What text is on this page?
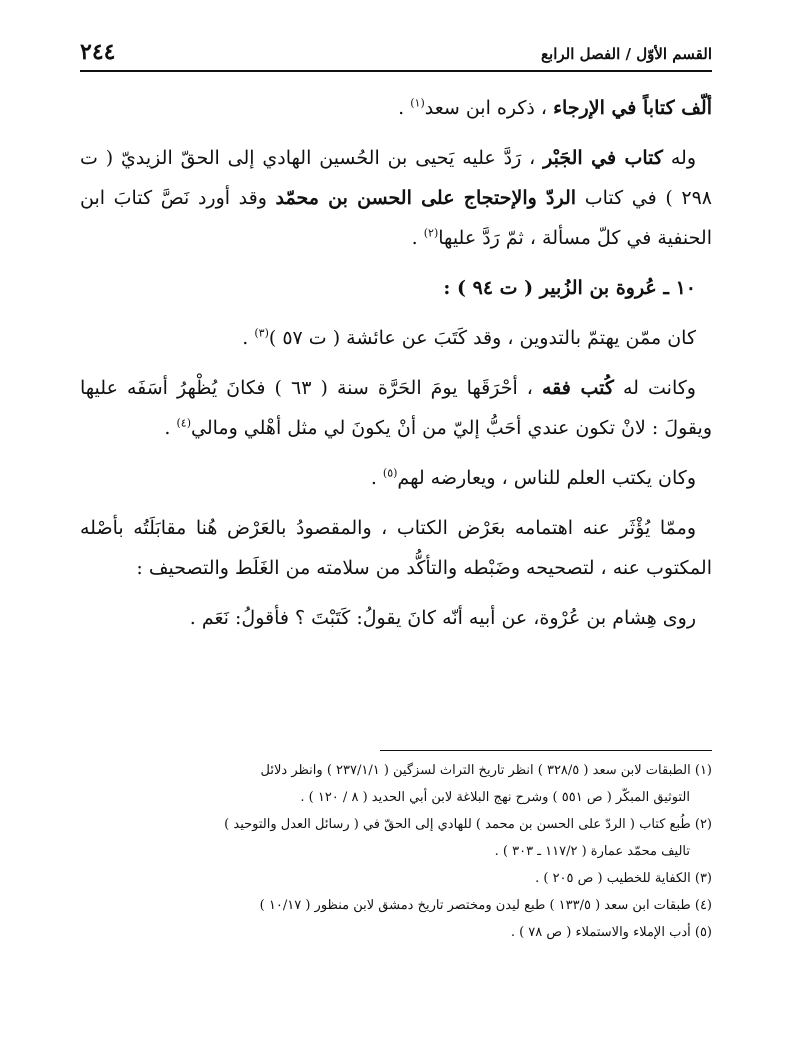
القسم الأوّل / الفصل الرابع
٢٤٤

ألّف كتاباً في الإرجاء ، ذكره ابن سعد$^{(١)}$ .

وله كتاب في الجَبْر ، رَدَّ عليه يَحيى بن الحُسين الهادي إلى الحقّ الزيديّ ( ت ٢٩٨ ) في كتاب الردّ والإحتجاج على الحسن بن محمّد وقد أورد نَصَّ كتابَ ابن الحنفية في كلّ مسألة ، ثمّ رَدَّ عليها$^{(٢)}$ .

١٠ ـ عُروة بن الزُبير ( ت ٩٤ ) :

كان ممّن يهتمّ بالتدوين ، وقد كَتَبَ عن عائشة ( ت ٥٧ )$^{(٣)}$ .

وكانت له كُتب فقه ، أحْرَقَها يومَ الحَرَّة سنة ( ٦٣ ) فكانَ يُظْهرُ أسَفَه عليها ويقولَ : لانْ تكون عندي أحَبُّ إليّ من أنْ يكونَ لي مثل أهْلي ومالي$^{(٤)}$ .

وكان يكتب العلم للناس ، ويعارضه لهم$^{(٥)}$ .

وممّا يُؤْثَر عنه اهتمامه بعَرْض الكتاب ، والمقصودُ بالعَرْض هُنا مقابَلَتُه بأصْله المكتوب عنه ، لتصحيحه وضَبْطه والتأكُّد من سلامته من الغَلَط والتصحيف :

روى هِشام بن عُرْوة، عن أبيه أنّه كانَ يقولُ: كَتَبْتَ ؟ فأقولُ: نَعَم .

(١) الطبقات لابن سعد ( ٣٢٨/٥ ) انظر تاريخ التراث لسزگين ( ٢٣٧/١/١ ) وانظر دلائل
التوثيق المبكّر ( ص ٥٥١ ) وشرح نهج البلاغة لابن أبي الحديد ( ٨ / ١٢٠ ) .

(٢) طُبع كتاب ( الردّ على الحسن بن محمد ) للهادي إلى الحقّ في ( رسائل العدل والتوحيد )
تاليف محمّد عمارة ( ١١٧/٢ ـ ٣٠٣ ) .

(٣) الكفاية للخطيب ( ص ٢٠٥ ) .

(٤) طبقات ابن سعد ( ١٣٣/٥ ) طبع ليدن ومختصر تاريخ دمشق لابن منظور ( ١٠/١٧ )

(٥) أدب الإملاء والاستملاء ( ص ٧٨ ) .
